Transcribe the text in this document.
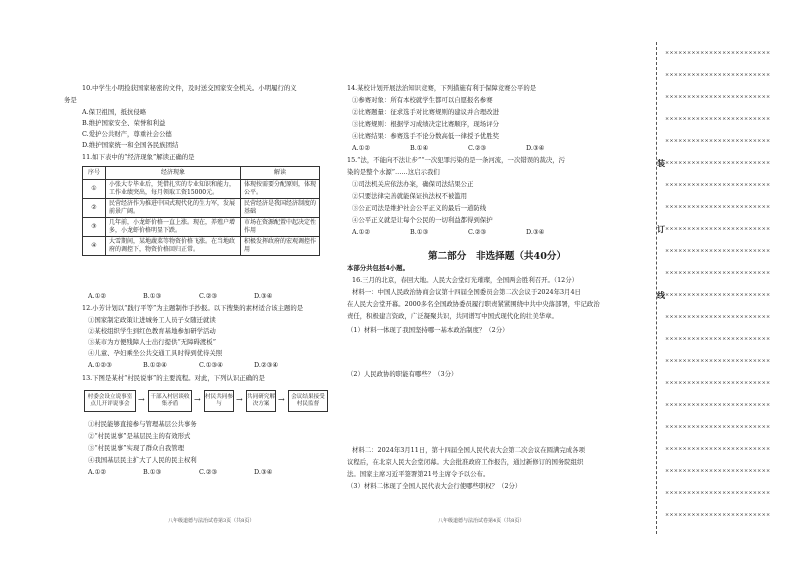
10.中学生小明捡获国家秘密的文件，及时送交国家安全机关。小明履行的义
务是
A.保卫祖国，抵抗侵略
B.维护国家安全、荣誉和利益
C.爱护公共财产，尊重社会公德
D.维护国家统一和全国各民族团结
11.如下表中的“经济现象”解读正确的是
序号	经济现象	解读
①	小张大专毕业后，凭借扎实的专业知识和能力，工作业绩突出，每月领取工资15000元。	体现按需要分配原则，体现公平。
②	民营经济作为推进中国式现代化的生力军，发展前景广阔。	民营经济是我国经济制度的基础
③	几年前，小龙虾价格一直上涨。现在，养殖户增多，小龙虾价格明显下跌。	市场在资源配置中起决定性作用
④	大雪期间，某地蔬菜等物资价格飞涨。在当地政府的调控下，物资价格回归正常。	积极发挥政府的宏观调控作用
A.①②	B.①③	C.②③	D.③④
12.小芳计划以“践行平等”为主题制作手抄报。以下搜集的素材适合该主题的是
①国家制定政策让进城务工人员子女随迁就读
②某校组织学生到红色教育基地参加研学活动
③某市为方便残障人士出行提供“无障碍渡板”
④儿童、孕妇乘坐公共交通工具时得到优待关照
A.①②③	B.①②④	C.①③④	D.②③④
13.下图是某村“村民说事”的主要流程。对此，下列认识正确的是
村委会设立说事室点儿开评说事会	→	干部入村居谈收集矛盾	→ 村民共同参与	→ 共同研究解决方案	→	会议结果接受村民监督
①村民能够直接参与管理基层公共事务
②“村民说事”是基层民主的有效形式
③“村民说事”实现了群众自我管理
④我国基层民主扩大了人民的民主权利
A.①②	B.①③	C.②③	D.③④
八年级道德与法治试卷第3页（共8页）
14.某校计划开展法治知识竞赛，下列措施有利于保障竞赛公平的是
①参赛对象：所有本校就学生都可以自愿报名参赛
②比赛题量：征求选手对比赛规则的建议并合理改进
③比赛规则：根据学习成绩决定比赛顺序，现场评分
④比赛结果：参赛选手不论分数高低一律授予优胜奖
A.①②	B.①④	C.②③	D.③④
15.“法，不能向不法让步”“一次犯罪污染的是一条河流，一次错误的裁决，污
染的是整个水源”……这启示我们
①司法机关应依法办案，确保司法结果公正
②只要法律完善就能保证执法权不被滥用
③公正司法是维护社会公平正义的最后一道防线
④公平正义就是让每个公民的一切利益都得到保护
A.①②	B.①③	C.②③	D.③④
第二部分　非选择题（共40分）
本部分共包括4小题。
16.三月的北京，春回大地。人民大会堂灯光璀璨，全国两会胜利召开。（12分）
材料一：中国人民政治协商会议第十四届全国委员会第二次会议于2024年3月4日
在人民大会堂开幕。2000多名全国政协委员履行职责紧紧围绕中共中央落部署，牢记政治
责任，积极建言资政，广泛凝聚共识，共同谱写中国式现代化的壮美华章。
（1）材料一体现了我国坚持哪一基本政治制度？（2分）
（2）人民政协的职能有哪些？（3分）
材料二：2024年3月11日，第十四届全国人民代表大会第二次会议在圆满完成各项
议程后，在北京人民大会堂闭幕。大会批准政府工作报告，通过新修订的国务院组织
法。国家主席习近平签署第21号主席令予以公布。
（3）材料二体现了全国人民代表大会行使哪些职权？（2分）
八年级道德与法治试卷第4页（共8页）
装
订
线
××××××××××××××××××××××××
××××××××××××××××××××××××
××××××××××××××××××××××××
××××××××××××××××××××××××
××××××××××××××××××××××××
××××××××××××××××××××××××
××××××××××××××××××××××××
××××××××××××××××××××××××
××××××××××××××××××××××××
××××××××××××××××××××××××
××××××××××××××××××××××××
××××××××××××××××××××××××
××××××××××××××××××××××××
××××××××××××××××××××××××
××××××××××××××××××××××××
××××××××××××××××××××××××
××××××××××××××××××××××××
××××××××××××××××××××××××
××××××××××××××××××××××××
××××××××××××××××××××××××
××××××××××××××××××××××××
××××××××××××××××××××××××
